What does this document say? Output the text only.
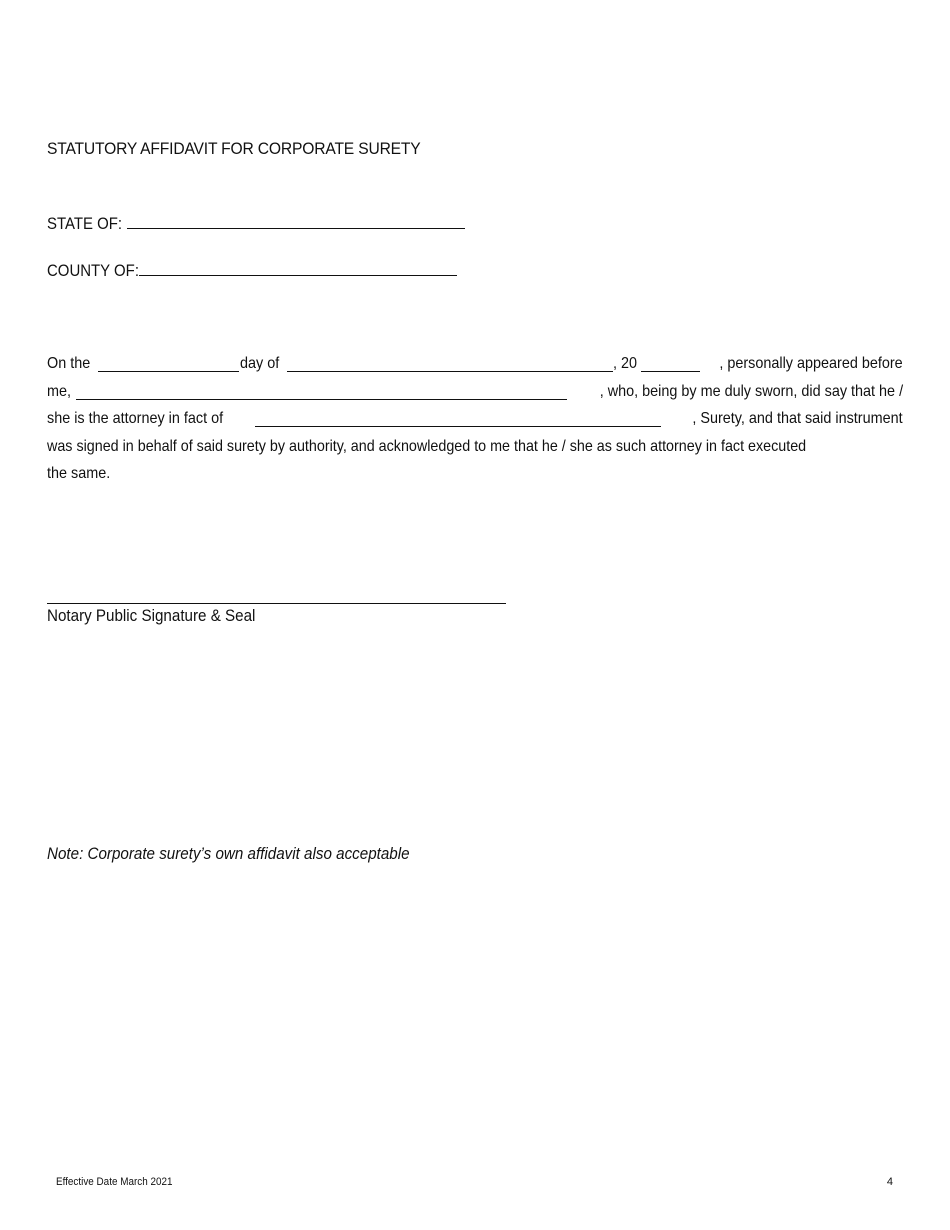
STATUTORY AFFIDAVIT FOR CORPORATE SURETY
STATE OF:
COUNTY OF:
On the	day of	, 20	, personally appeared before
me,	, who, being by me duly sworn, did say that he /
she is the attorney in fact of	, Surety, and that said instrument
was signed in behalf of said surety by authority, and acknowledged to me that he / she as such attorney in fact executed
the same.
Notary Public Signature & Seal
Note: Corporate surety’s own affidavit also acceptable
Effective Date March 2021	4
